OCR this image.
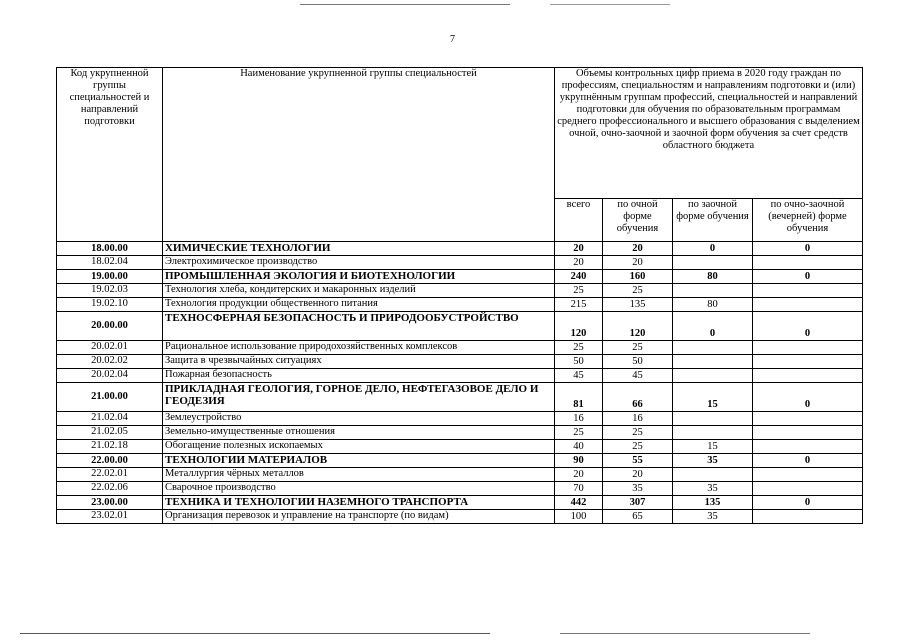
7
Код укрупненной группы специальностей и направлений подготовки	Наименование укрупненной группы специальностей	Объемы контрольных цифр приема в 2020 году граждан по профессиям, специальностям и направлениям подготовки и (или) укрупнённым группам профессий, специальностей и направлений подготовки для обучения по образовательным программам среднего профессионального и высшего образования с выделением очной, очно-заочной и заочной форм обучения за счет средств областного бюджета			
		всего	по очной форме обучения	по заочной форме обучения	по очно-заочной (вечерней) форме обучения
18.00.00	ХИМИЧЕСКИЕ ТЕХНОЛОГИИ	20	20	0	0
18.02.04	Электрохимическое производство	20	20		
19.00.00	ПРОМЫШЛЕННАЯ ЭКОЛОГИЯ И БИОТЕХНОЛОГИИ	240	160	80	0
19.02.03	Технология хлеба, кондитерских и макаронных изделий	25	25		
19.02.10	Технология продукции общественного питания	215	135	80	
20.00.00	ТЕХНОСФЕРНАЯ БЕЗОПАСНОСТЬ И ПРИРОДООБУСТРОЙСТВО	120	120	0	0
20.02.01	Рациональное использование природохозяйственных комплексов	25	25		
20.02.02	Защита в чрезвычайных ситуациях	50	50		
20.02.04	Пожарная безопасность	45	45		
21.00.00	ПРИКЛАДНАЯ ГЕОЛОГИЯ, ГОРНОЕ ДЕЛО, НЕФТЕГАЗОВОЕ ДЕЛО И ГЕОДЕЗИЯ	81	66	15	0
21.02.04	Землеустройство	16	16		
21.02.05	Земельно-имущественные отношения	25	25		
21.02.18	Обогащение полезных ископаемых	40	25	15	
22.00.00	ТЕХНОЛОГИИ МАТЕРИАЛОВ	90	55	35	0
22.02.01	Металлургия чёрных металлов	20	20		
22.02.06	Сварочное производство	70	35	35	
23.00.00	ТЕХНИКА И ТЕХНОЛОГИИ НАЗЕМНОГО ТРАНСПОРТА	442	307	135	0
23.02.01	Организация перевозок и управление на транспорте (по видам)	100	65	35	
